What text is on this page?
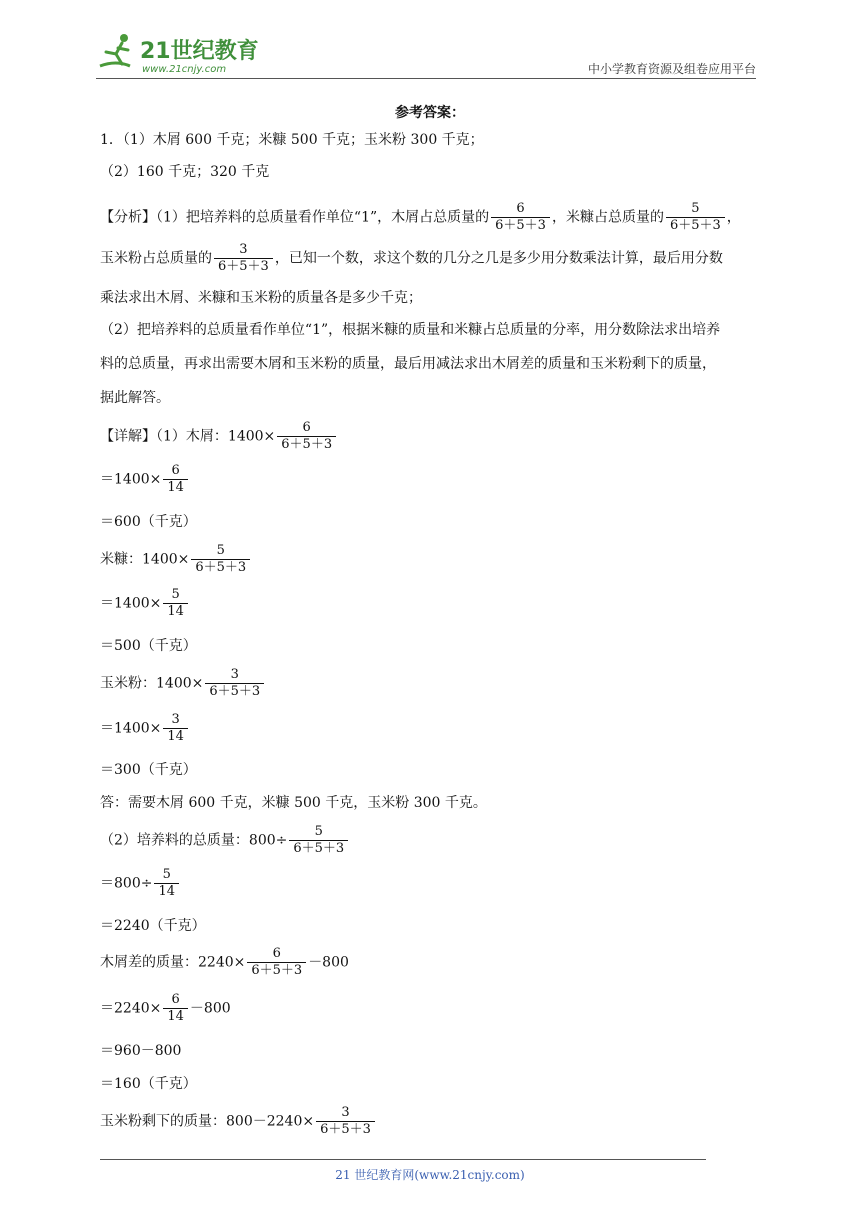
21世纪教育
www.21cnjy.com	中小学教育资源及组卷应用平台
参考答案：
1．（1）木屑 600 千克；米糠 500 千克；玉米粉 300 千克；
（2）160 千克；320 千克
【分析】（1）把培养料的总质量看作单位“1”，木屑占总质量的 $\frac{6}{6+5+3}$ ，米糠占总质量的 $\frac{5}{6+5+3}$ ，
玉米粉占总质量的 $\frac{3}{6+5+3}$ ，已知一个数，求这个数的几分之几是多少用分数乘法计算，最后用分数
乘法求出木屑、米糠和玉米粉的质量各是多少千克；
（2）把培养料的总质量看作单位“1”，根据米糠的质量和米糠占总质量的分率，用分数除法求出培养
料的总质量，再求出需要木屑和玉米粉的质量，最后用减法求出木屑差的质量和玉米粉剩下的质量，
据此解答。
【详解】（1）木屑：$1400\times \frac{6}{6+5+3}$
$=1400\times \frac{6}{14}$
＝600（千克）
米糠：$1400\times \frac{5}{6+5+3}$
$=1400\times \frac{5}{14}$
＝500（千克）
玉米粉：$1400\times \frac{3}{6+5+3}$
$=1400\times \frac{3}{14}$
＝300（千克）
答：需要木屑 600 千克，米糠 500 千克，玉米粉 300 千克。
（2）培养料的总质量：$800\div \frac{5}{6+5+3}$
$=800\div \frac{5}{14}$
＝2240（千克）
木屑差的质量：$2240\times \frac{6}{6+5+3} -800$
$=2240\times \frac{6}{14} -800$
＝960－800
＝160（千克）
玉米粉剩下的质量：$800-2240\times \frac{3}{6+5+3}$
21 世纪教育网(www.21cnjy.com)
